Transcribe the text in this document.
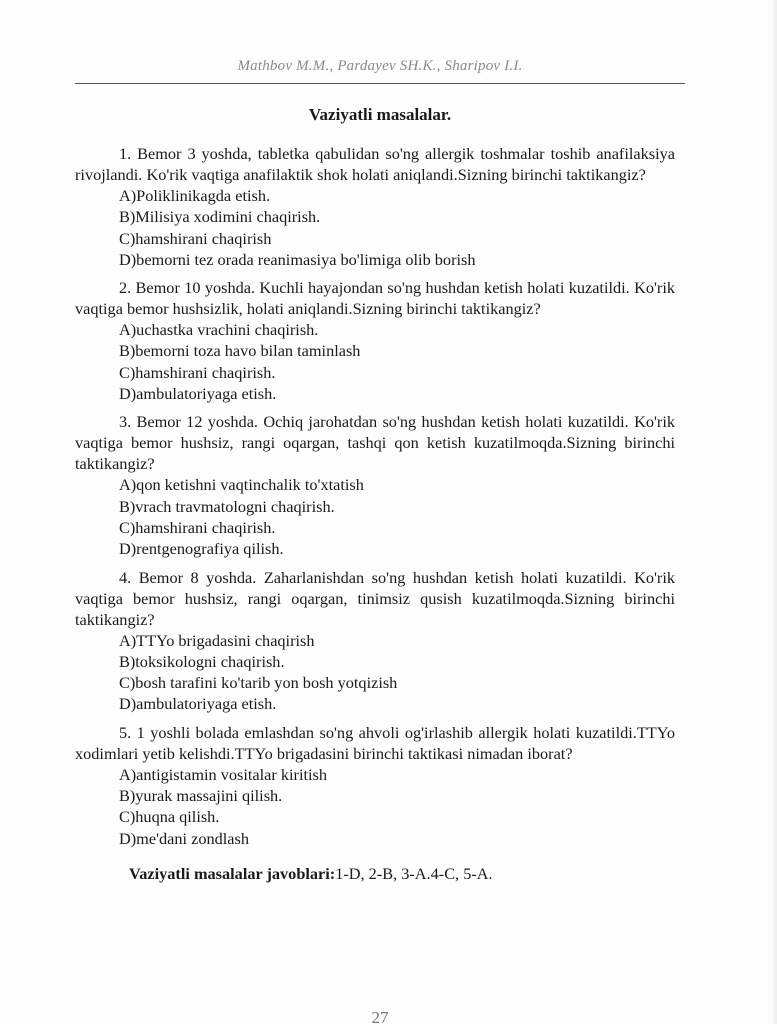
Mathbov M.M., Pardayev SH.K., Sharipov I.I.
Vaziyatli masalalar.

1. Bemor 3 yoshda, tabletka qabulidan so'ng allergik toshmalar toshib anafilaksiya rivojlandi. Ko'rik vaqtiga anafilaktik shok holati aniqlandi.Sizning birinchi taktikangiz?

A)Poliklinikagda etish.
B)Milisiya xodimini chaqirish.
C)hamshirani chaqirish
D)bemorni tez orada reanimasiya bo'limiga olib borish

2. Bemor 10 yoshda. Kuchli hayajondan so'ng hushdan ketish holati kuzatildi. Ko'rik vaqtiga bemor hushsizlik, holati aniqlandi.Sizning birinchi taktikangiz?

A)uchastka vrachini chaqirish.
B)bemorni toza havo bilan taminlash
C)hamshirani chaqirish.
D)ambulatoriyaga etish.

3. Bemor 12 yoshda. Ochiq jarohatdan so'ng hushdan ketish holati kuzatildi. Ko'rik vaqtiga bemor hushsiz, rangi oqargan, tashqi qon ketish kuzatilmoqda.Sizning birinchi taktikangiz?

A)qon ketishni vaqtinchalik to'xtatish
B)vrach travmatologni chaqirish.
C)hamshirani chaqirish.
D)rentgenografiya qilish.

4. Bemor 8 yoshda. Zaharlanishdan so'ng hushdan ketish holati kuzatildi. Ko'rik vaqtiga bemor hushsiz, rangi oqargan, tinimsiz qusish kuzatilmoqda.Sizning birinchi taktikangiz?

A)TTYo brigadasini chaqirish
B)toksikologni chaqirish.
C)bosh tarafini ko'tarib yon bosh yotqizish
D)ambulatoriyaga etish.

5. 1 yoshli bolada emlashdan so'ng ahvoli og'irlashib allergik holati kuzatildi.TTYo xodimlari yetib kelishdi.TTYo brigadasini birinchi taktikasi nimadan iborat?

A)antigistamin vositalar kiritish
B)yurak massajini qilish.
C)huqna qilish.
D)me'dani zondlash
Vaziyatli masalalar javoblari:1-D, 2-B, 3-A.4-C, 5-A.
27
